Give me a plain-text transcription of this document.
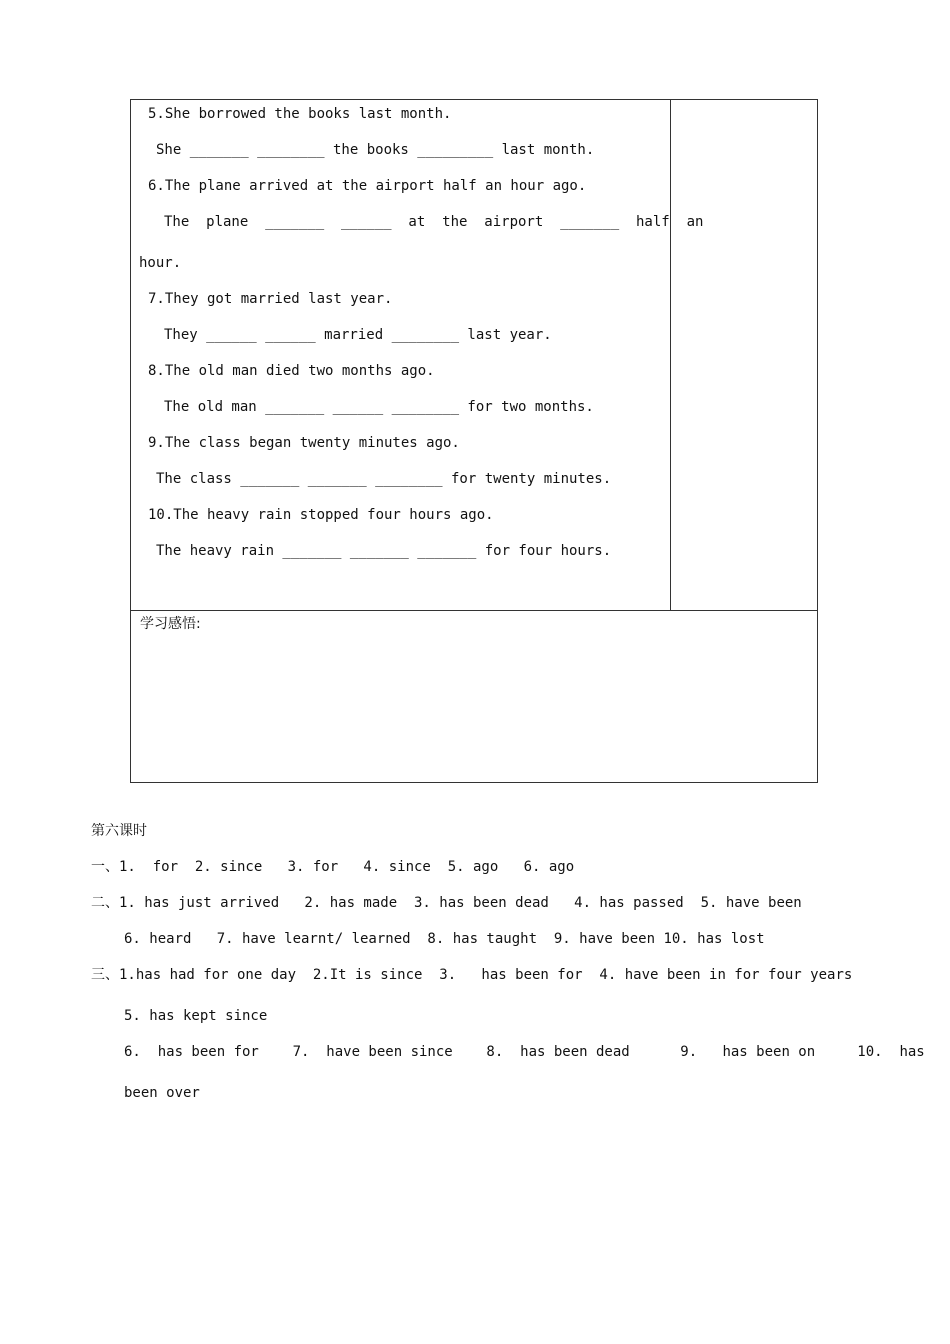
5.She borrowed the books last month.
She _______ ________ the books _________ last month.
6.The plane arrived at the airport half an hour ago.
The  plane  _______  ______  at  the  airport  _______  half  an
hour.
7.They got married last year.
They ______ ______ married ________ last year.
8.The old man died two months ago.
The old man _______ ______ ________ for two months.
9.The class began twenty minutes ago.
The class _______ _______ ________ for twenty minutes.
10.The heavy rain stopped four hours ago.
The heavy rain _______ _______ _______ for four hours.
学习感悟:
第六课时
一、1.  for  2. since   3. for   4. since  5. ago   6. ago
二、1. has just arrived   2. has made  3. has been dead   4. has passed  5. have been
6. heard   7. have learnt/ learned  8. has taught  9. have been 10. has lost
三、1.has had for one day  2.It is since  3.   has been for  4. have been in for four years
5. has kept since
6.  has been for    7.  have been since    8.  has been dead      9.   has been on     10.  has
been over
